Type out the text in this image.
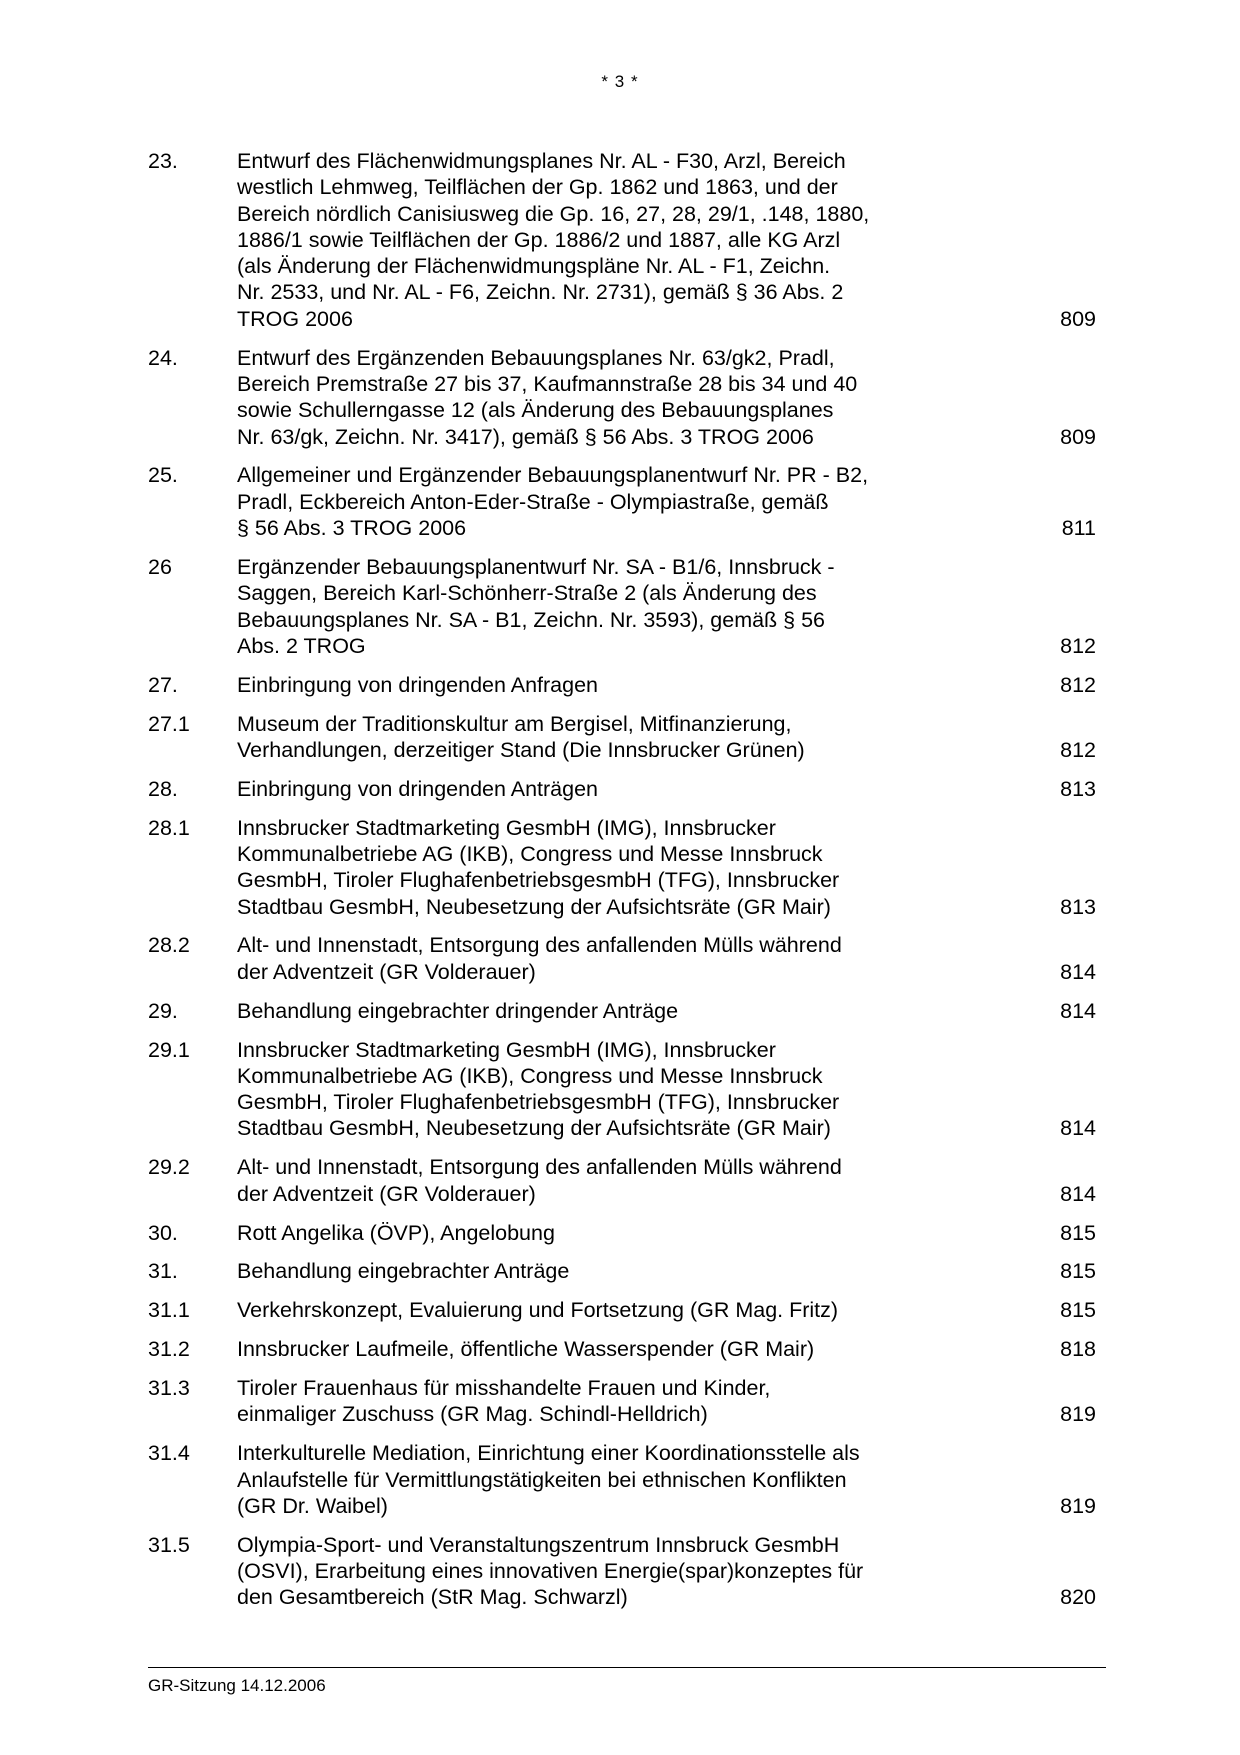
* 3 *
23.	Entwurf des Flächenwidmungsplanes Nr. AL - F30, Arzl, Bereich
westlich Lehmweg, Teilflächen der Gp. 1862 und 1863, und der
Bereich nördlich Canisiusweg die Gp. 16, 27, 28, 29/1, .148, 1880,
1886/1 sowie Teilflächen der Gp. 1886/2 und 1887, alle KG Arzl
(als Änderung der Flächenwidmungspläne Nr. AL - F1, Zeichn.
Nr. 2533, und Nr. AL - F6, Zeichn. Nr. 2731), gemäß § 36 Abs. 2
TROG 2006	809
24.	Entwurf des Ergänzenden Bebauungsplanes Nr. 63/gk2, Pradl,
Bereich Premstraße 27 bis 37, Kaufmannstraße 28 bis 34 und 40
sowie Schullerngasse 12 (als Änderung des Bebauungsplanes
Nr. 63/gk, Zeichn. Nr. 3417), gemäß § 56 Abs. 3 TROG 2006	809
25.	Allgemeiner und Ergänzender Bebauungsplanentwurf Nr. PR - B2,
Pradl, Eckbereich Anton-Eder-Straße - Olympiastraße, gemäß
§ 56 Abs. 3 TROG 2006	811
26	Ergänzender Bebauungsplanentwurf Nr. SA - B1/6, Innsbruck -
Saggen, Bereich Karl-Schönherr-Straße 2 (als Änderung des
Bebauungsplanes Nr. SA - B1, Zeichn. Nr. 3593), gemäß § 56
Abs. 2 TROG	812
27.	Einbringung von dringenden Anfragen	812
27.1	Museum der Traditionskultur am Bergisel, Mitfinanzierung,
Verhandlungen, derzeitiger Stand (Die Innsbrucker Grünen)	812
28.	Einbringung von dringenden Anträgen	813
28.1	Innsbrucker Stadtmarketing GesmbH (IMG), Innsbrucker
Kommunalbetriebe AG (IKB), Congress und Messe Innsbruck
GesmbH, Tiroler FlughafenbetriebsgesmbH (TFG), Innsbrucker
Stadtbau GesmbH, Neubesetzung der Aufsichtsräte (GR Mair)	813
28.2	Alt- und Innenstadt, Entsorgung des anfallenden Mülls während
der Adventzeit (GR Volderauer)	814
29.	Behandlung eingebrachter dringender Anträge	814
29.1	Innsbrucker Stadtmarketing GesmbH (IMG), Innsbrucker
Kommunalbetriebe AG (IKB), Congress und Messe Innsbruck
GesmbH, Tiroler FlughafenbetriebsgesmbH (TFG), Innsbrucker
Stadtbau GesmbH, Neubesetzung der Aufsichtsräte (GR Mair)	814
29.2	Alt- und Innenstadt, Entsorgung des anfallenden Mülls während
der Adventzeit (GR Volderauer)	814
30.	Rott Angelika (ÖVP), Angelobung	815
31.	Behandlung eingebrachter Anträge	815
31.1	Verkehrskonzept, Evaluierung und Fortsetzung (GR Mag. Fritz)	815
31.2	Innsbrucker Laufmeile, öffentliche Wasserspender (GR Mair)	818
31.3	Tiroler Frauenhaus für misshandelte Frauen und Kinder,
einmaliger Zuschuss (GR Mag. Schindl-Helldrich)	819
31.4	Interkulturelle Mediation, Einrichtung einer Koordinationsstelle als
Anlaufstelle für Vermittlungstätigkeiten bei ethnischen Konflikten
(GR Dr. Waibel)	819
31.5	Olympia-Sport- und Veranstaltungszentrum Innsbruck GesmbH
(OSVI), Erarbeitung eines innovativen Energie(spar)konzeptes für
den Gesamtbereich (StR Mag. Schwarzl)	820
GR-Sitzung 14.12.2006
